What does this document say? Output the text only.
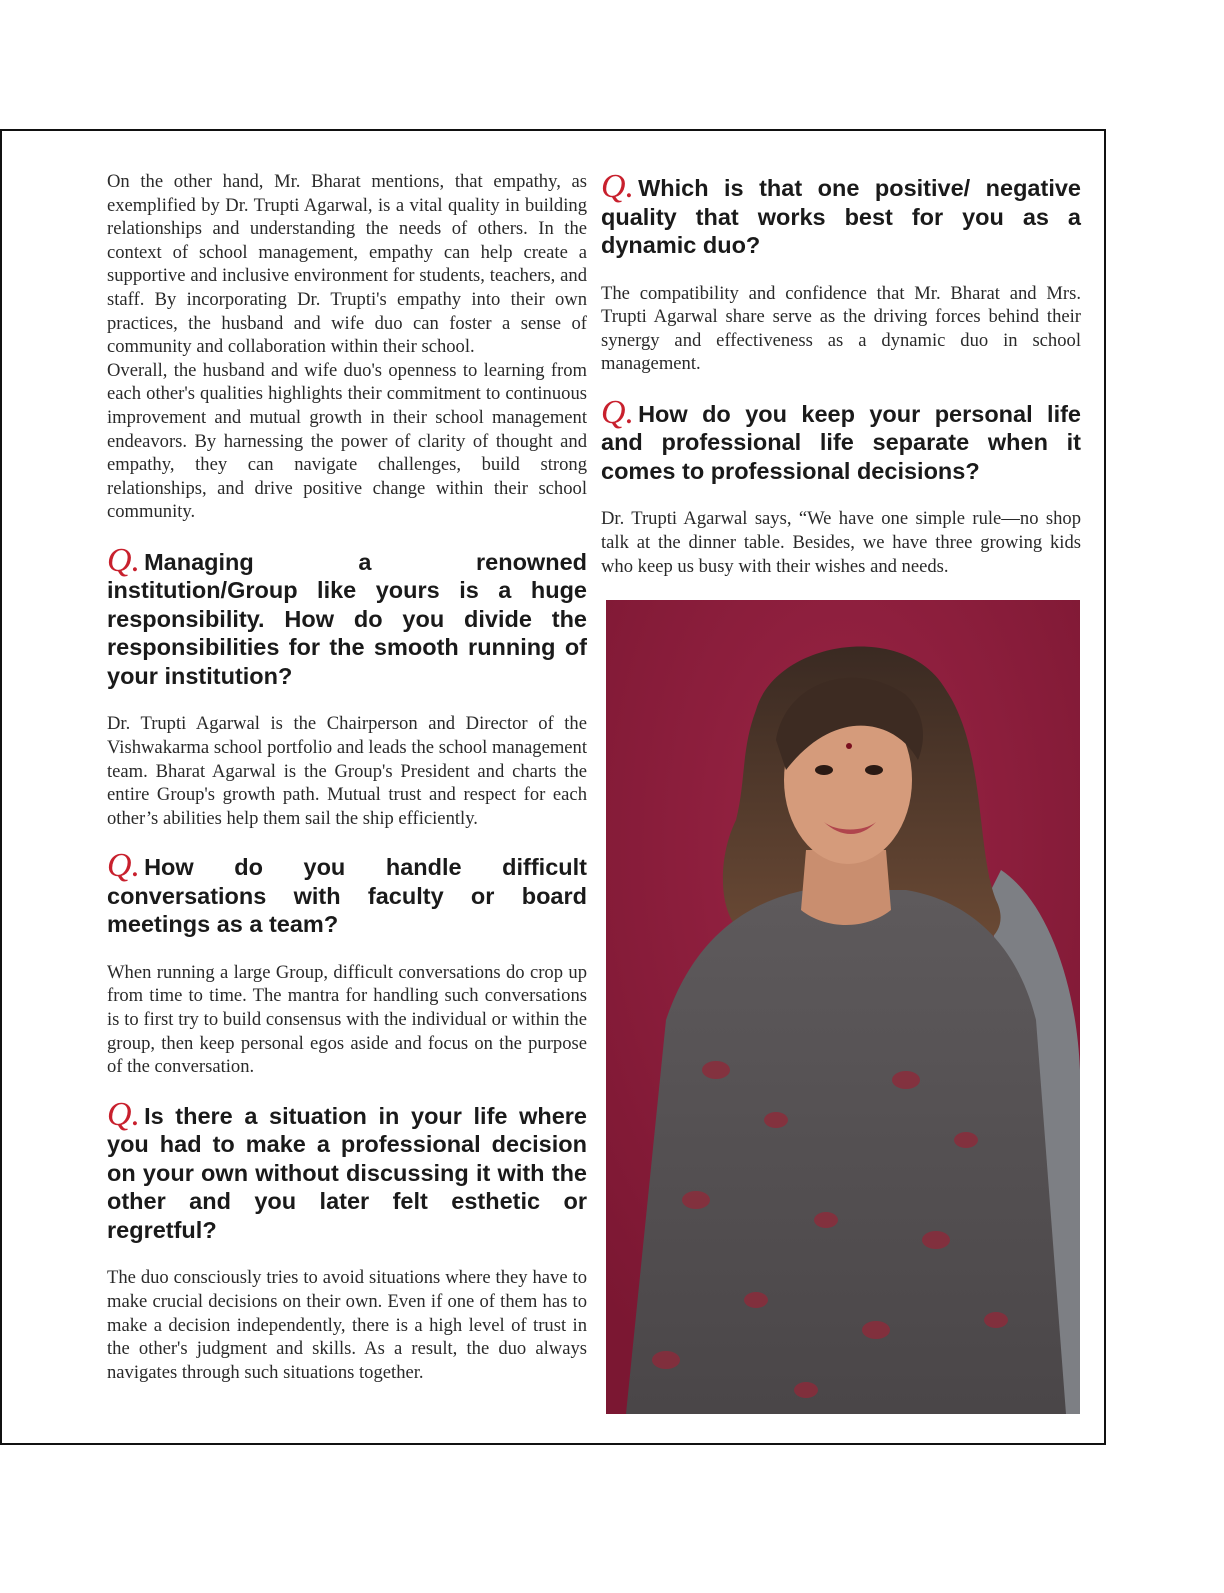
On the other hand, Mr. Bharat mentions, that empathy, as exemplified by Dr. Trupti Agarwal, is a vital quality in building relationships and understanding the needs of others. In the context of school management, empathy can help create a supportive and inclusive environment for students, teachers, and staff. By incorporating Dr. Trupti's empathy into their own practices, the husband and wife duo can foster a sense of community and collaboration within their school.

Overall, the husband and wife duo's openness to learning from each other's qualities highlights their commitment to continuous improvement and mutual growth in their school management endeavors. By harnessing the power of clarity of thought and empathy, they can navigate challenges, build strong relationships, and drive positive change within their school community.

Q. Managing a renowned institution/Group like yours is a huge responsibility. How do you divide the responsibilities for the smooth running of your institution?

Dr. Trupti Agarwal is the Chairperson and Director of the Vishwakarma school portfolio and leads the school management team. Bharat Agarwal is the Group's President and charts the entire Group's growth path. Mutual trust and respect for each other’s abilities help them sail the ship efficiently.

Q. How do you handle difficult conversations with faculty or board meetings as a team?

When running a large Group, difficult conversations do crop up from time to time. The mantra for handling such conversations is to first try to build consensus with the individual or within the group, then keep personal egos aside and focus on the purpose of the conversation.

Q. Is there a situation in your life where you had to make a professional decision on your own without discussing it with the other and you later felt esthetic or regretful?

The duo consciously tries to avoid situations where they have to make crucial decisions on their own. Even if one of them has to make a decision independently, there is a high level of trust in the other's judgment and skills. As a result, the duo always navigates through such situations together.

Q. Which is that one positive/ negative quality that works best for you as a dynamic duo?

The compatibility and confidence that Mr. Bharat and Mrs. Trupti Agarwal share serve as the driving forces behind their synergy and effectiveness as a dynamic duo in school management.

Q. How do you keep your personal life and professional life separate when it comes to professional decisions?

Dr. Trupti Agarwal says, “We have one simple rule—no shop talk at the dinner table. Besides, we have three growing kids who keep us busy with their wishes and needs.
